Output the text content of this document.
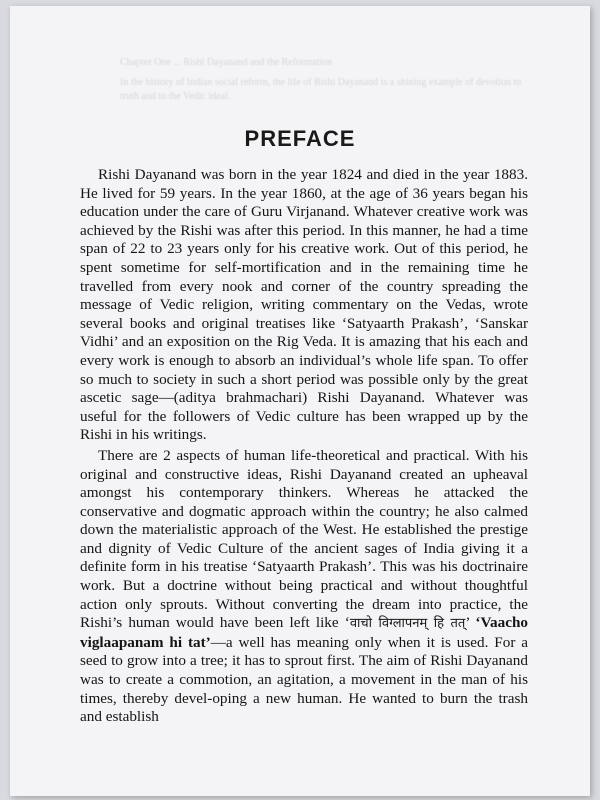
Chapter One ... Rishi Dayanand and the Reformation

In the history of Indian social reform, the life of Rishi Dayanand is a shining example of devotion to truth and to the Vedic ideal.

PREFACE

Rishi Dayanand was born in the year 1824 and died in the year 1883. He lived for 59 years. In the year 1860, at the age of 36 years began his education under the care of Guru Virjanand. Whatever creative work was achieved by the Rishi was after this period. In this manner, he had a time span of 22 to 23 years only for his creative work. Out of this period, he spent sometime for self-mortification and in the remaining time he travelled from every nook and corner of the country spreading the message of Vedic religion, writing commentary on the Vedas, wrote several books and original treatises like ‘Satyaarth Prakash’, ‘Sanskar Vidhi’ and an exposition on the Rig Veda. It is amazing that his each and every work is enough to absorb an individual’s whole life span. To offer so much to society in such a short period was possible only by the great ascetic sage—(aditya brahmachari) Rishi Dayanand. Whatever was useful for the followers of Vedic culture has been wrapped up by the Rishi in his writings.

There are 2 aspects of human life-theoretical and practical. With his original and constructive ideas, Rishi Dayanand created an upheaval amongst his contemporary thinkers. Whereas he attacked the conservative and dogmatic approach within the country; he also calmed down the materialistic approach of the West. He established the prestige and dignity of Vedic Culture of the ancient sages of India giving it a definite form in his treatise ‘Satyaarth Prakash’. This was his doctrinaire work. But a doctrine without being practical and without thoughtful action only sprouts. Without converting the dream into practice, the Rishi’s human would have been left like ‘वाचो विग्लापनम् हि तत्’ ‘Vaacho viglaapanam hi tat’—a well has meaning only when it is used. For a seed to grow into a tree; it has to sprout first. The aim of Rishi Dayanand was to create a commotion, an agitation, a movement in the man of his times, thereby devel-oping a new human. He wanted to burn the trash and establish
